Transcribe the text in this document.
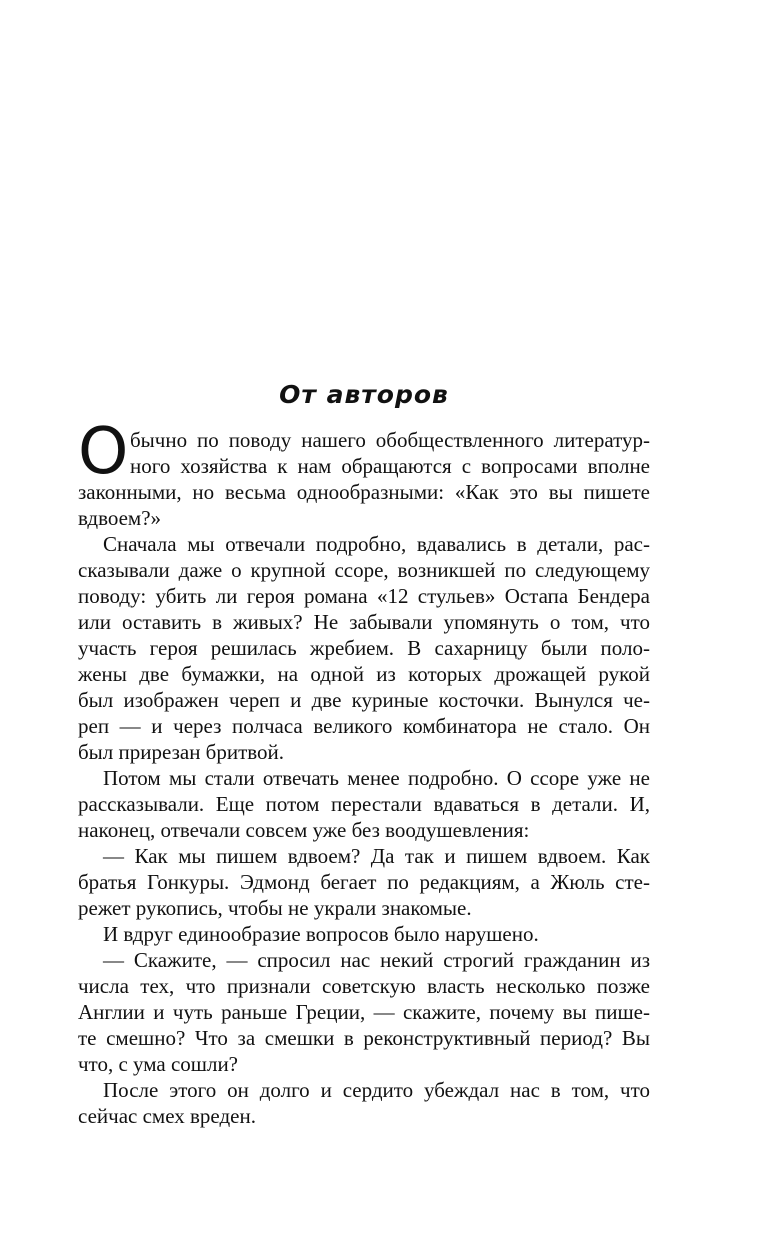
От авторов
О бычно по поводу нашего обобществленного литератур-
ного хозяйства к нам обращаются с вопросами вполне
законными, но весьма однообразными: «Как это вы пишете
вдвоем?»
Сначала мы отвечали подробно, вдавались в детали, рас-
сказывали даже о крупной ссоре, возникшей по следующему
поводу: убить ли героя романа «12 стульев» Остапа Бендера
или оставить в живых? Не забывали упомянуть о том, что
участь героя решилась жребием. В сахарницу были поло-
жены две бумажки, на одной из которых дрожащей рукой
был изображен череп и две куриные косточки. Вынулся че-
реп — и через полчаса великого комбинатора не стало. Он
был прирезан бритвой.
Потом мы стали отвечать менее подробно. О ссоре уже не
рассказывали. Еще потом перестали вдаваться в детали. И,
наконец, отвечали совсем уже без воодушевления:
— Как мы пишем вдвоем? Да так и пишем вдвоем. Как
братья Гонкуры. Эдмонд бегает по редакциям, а Жюль сте-
режет рукопись, чтобы не украли знакомые.
И вдруг единообразие вопросов было нарушено.
— Скажите, — спросил нас некий строгий гражданин из
числа тех, что признали советскую власть несколько позже
Англии и чуть раньше Греции, — скажите, почему вы пише-
те смешно? Что за смешки в реконструктивный период? Вы
что, с ума сошли?
После этого он долго и сердито убеждал нас в том, что
сейчас смех вреден.
